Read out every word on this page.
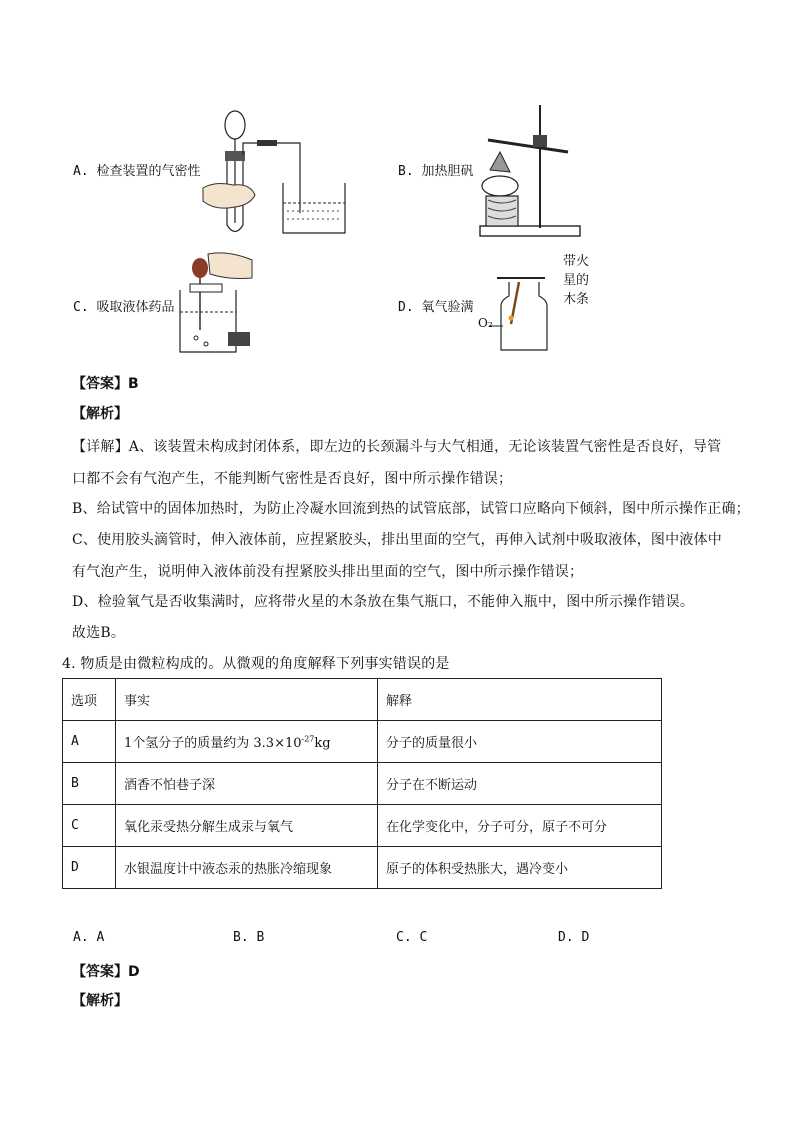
A. 检查装置的气密性	B. 加热胆矾
C. 吸取液体药品	D. 氧气验满
O₂
带火
星的
木条
【答案】B
【解析】
【详解】A、该装置未构成封闭体系，即左边的长颈漏斗与大气相通，无论该装置气密性是否良好，导管口都不会有气泡产生，不能判断气密性是否良好，图中所示操作错误；
B、给试管中的固体加热时，为防止冷凝水回流到热的试管底部，试管口应略向下倾斜，图中所示操作正确；
C、使用胶头滴管时，伸入液体前，应捏紧胶头，排出里面的空气，再伸入试剂中吸取液体，图中液体中有气泡产生，说明伸入液体前没有捏紧胶头排出里面的空气，图中所示操作错误；
D、检验氧气是否收集满时，应将带火星的木条放在集气瓶口，不能伸入瓶中，图中所示操作错误。
故选B。
4. 物质是由微粒构成的。从微观的角度解释下列事实错误的是
选项	事实	解释
A	1个氢分子的质量约为 $3.3\times 10^{-27}kg$	分子的质量很小
B	酒香不怕巷子深	分子在不断运动
C	氧化汞受热分解生成汞与氧气	在化学变化中，分子可分，原子不可分
D	水银温度计中液态汞的热胀冷缩现象	原子的体积受热胀大，遇冷变小
A. A	B. B	C. C	D. D
【答案】D
【解析】
